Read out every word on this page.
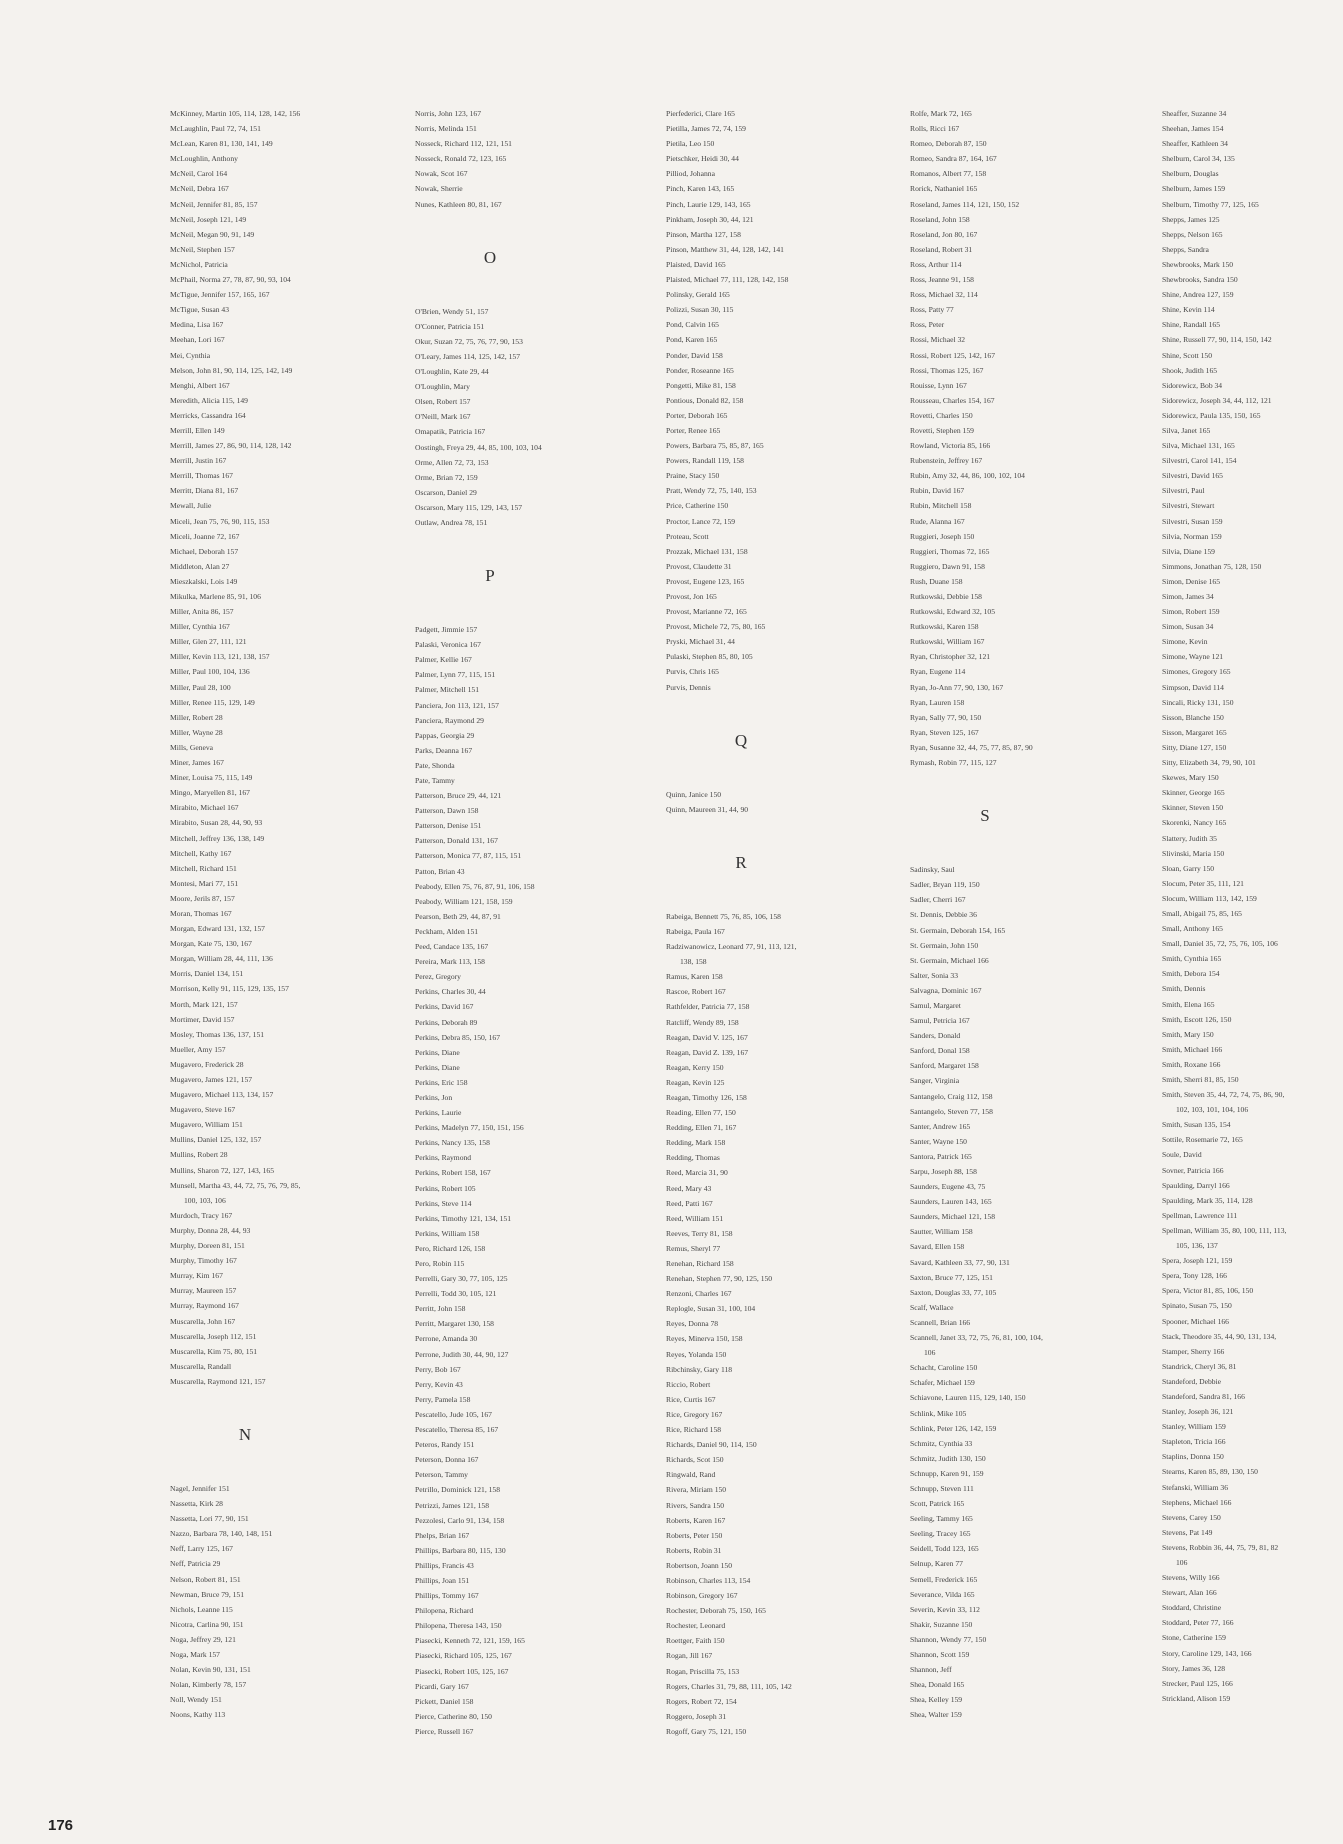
McKinney, Martin 105, 114, 128, 142, 156
McLaughlin, Paul 72, 74, 151
McLean, Karen 81, 130, 141, 149
McLoughlin, Anthony
McNeil, Carol 164
McNeil, Debra 167
McNeil, Jennifer 81, 85, 157
McNeil, Joseph 121, 149
McNeil, Megan 90, 91, 149
McNeil, Stephen 157
McNichol, Patricia
McPhail, Norma 27, 78, 87, 90, 93, 104
McTigue, Jennifer 157, 165, 167
McTigue, Susan 43
Medina, Lisa 167
Meehan, Lori 167
Mei, Cynthia
Melson, John 81, 90, 114, 125, 142, 149
Menghi, Albert 167
Meredith, Alicia 115, 149
Merricks, Cassandra 164
Merrill, Ellen 149
Merrill, James 27, 86, 90, 114, 128, 142
Merrill, Justin 167
Merrill, Thomas 167
Merritt, Diana 81, 167
Mewall, Julie
Miceli, Jean 75, 76, 90, 115, 153
Miceli, Joanne 72, 167
Michael, Deborah 157
Middleton, Alan 27
Mieszkalski, Lois 149
Mikulka, Marlene 85, 91, 106
Miller, Anita 86, 157
Miller, Cynthia 167
Miller, Glen 27, 111, 121
Miller, Kevin 113, 121, 138, 157
Miller, Paul 100, 104, 136
Miller, Paul 28, 100
Miller, Renee 115, 129, 149
Miller, Robert 28
Miller, Wayne 28
Mills, Geneva
Miner, James 167
Miner, Louisa 75, 115, 149
Mingo, Maryellen 81, 167
Mirabito, Michael 167
Mirabito, Susan 28, 44, 90, 93
Mitchell, Jeffrey 136, 138, 149
Mitchell, Kathy 167
Mitchell, Richard 151
Montesi, Mari 77, 151
Moore, Jerils 87, 157
Moran, Thomas 167
Morgan, Edward 131, 132, 157
Morgan, Kate 75, 130, 167
Morgan, William 28, 44, 111, 136
Morris, Daniel 134, 151
Morrison, Kelly 91, 115, 129, 135, 157
Morth, Mark 121, 157
Mortimer, David 157
Mosley, Thomas 136, 137, 151
Mueller, Amy 157
Mugavero, Frederick 28
Mugavero, James 121, 157
Mugavero, Michael 113, 134, 157
Mugavero, Steve 167
Mugavero, William 151
Mullins, Daniel 125, 132, 157
Mullins, Robert 28
Mullins, Sharon 72, 127, 143, 165
Munsell, Martha 43, 44, 72, 75, 76, 79, 85,
100, 103, 106
Murdoch, Tracy 167
Murphy, Donna 28, 44, 93
Murphy, Doreen 81, 151
Murphy, Timothy 167
Murray, Kim 167
Murray, Maureen 157
Murray, Raymond 167
Muscarella, John 167
Muscarella, Joseph 112, 151
Muscarella, Kim 75, 80, 151
Muscarella, Randall
Muscarella, Raymond 121, 157
N
Nagel, Jennifer 151
Nassetta, Kirk 28
Nassetta, Lori 77, 90, 151
Nazzo, Barbara 78, 140, 148, 151
Neff, Larry 125, 167
Neff, Patricia 29
Nelson, Robert 81, 151
Newman, Bruce 79, 151
Nichols, Leanne 115
Nicotra, Carlina 90, 151
Noga, Jeffrey 29, 121
Noga, Mark 157
Nolan, Kevin 90, 131, 151
Nolan, Kimberly 78, 157
Noll, Wendy 151
Noons, Kathy 113
Norris, John 123, 167
Norris, Melinda 151
Nosseck, Richard 112, 121, 151
Nosseck, Ronald 72, 123, 165
Nowak, Scot 167
Nowak, Sherrie
Nunes, Kathleen 80, 81, 167
O
O'Brien, Wendy 51, 157
O'Conner, Patricia 151
Okur, Suzan 72, 75, 76, 77, 90, 153
O'Leary, James 114, 125, 142, 157
O'Loughlin, Kate 29, 44
O'Loughlin, Mary
Olsen, Robert 157
O'Neill, Mark 167
Omapatik, Patricia 167
Oostingh, Freya 29, 44, 85, 100, 103, 104
Orme, Allen 72, 73, 153
Orme, Brian 72, 159
Oscarson, Daniel 29
Oscarson, Mary 115, 129, 143, 157
Outlaw, Andrea 78, 151
P
Padgett, Jimmie 157
Palaski, Veronica 167
Palmer, Kellie 167
Palmer, Lynn 77, 115, 151
Palmer, Mitchell 151
Panciera, Jon 113, 121, 157
Panciera, Raymond 29
Pappas, Georgia 29
Parks, Deanna 167
Pate, Shonda
Pate, Tammy
Patterson, Bruce 29, 44, 121
Patterson, Dawn 158
Patterson, Denise 151
Patterson, Donald 131, 167
Patterson, Monica 77, 87, 115, 151
Patton, Brian 43
Peabody, Ellen 75, 76, 87, 91, 106, 158
Peabody, William 121, 158, 159
Pearson, Beth 29, 44, 87, 91
Peckham, Alden 151
Peed, Candace 135, 167
Pereira, Mark 113, 158
Perez, Gregory
Perkins, Charles 30, 44
Perkins, David 167
Perkins, Deborah 89
Perkins, Debra 85, 150, 167
Perkins, Diane
Perkins, Diane
Perkins, Eric 158
Perkins, Jon
Perkins, Laurie
Perkins, Madelyn 77, 150, 151, 156
Perkins, Nancy 135, 158
Perkins, Raymond
Perkins, Robert 158, 167
Perkins, Robert 105
Perkins, Steve 114
Perkins, Timothy 121, 134, 151
Perkins, William 158
Pero, Richard 126, 158
Pero, Robin 115
Perrelli, Gary 30, 77, 105, 125
Perrelli, Todd 30, 105, 121
Perritt, John 158
Perritt, Margaret 130, 158
Perrone, Amanda 30
Perrone, Judith 30, 44, 90, 127
Perry, Bob 167
Perry, Kevin 43
Perry, Pamela 158
Pescatello, Jude 105, 167
Pescatello, Theresa 85, 167
Peteros, Randy 151
Peterson, Donna 167
Peterson, Tammy
Petrillo, Dominick 121, 158
Petrizzi, James 121, 158
Pezzolesi, Carlo 91, 134, 158
Phelps, Brian 167
Phillips, Barbara 80, 115, 130
Phillips, Francis 43
Phillips, Joan 151
Phillips, Tommy 167
Philopena, Richard
Philopena, Theresa 143, 150
Piasecki, Kenneth 72, 121, 159, 165
Piasecki, Richard 105, 125, 167
Piasecki, Robert 105, 125, 167
Picardi, Gary 167
Pickett, Daniel 158
Pierce, Catherine 80, 150
Pierce, Russell 167
Pierfederici, Clare 165
Pietilla, James 72, 74, 159
Pietila, Leo 150
Pietschker, Heidi 30, 44
Pilliod, Johanna
Pinch, Karen 143, 165
Pinch, Laurie 129, 143, 165
Pinkham, Joseph 30, 44, 121
Pinson, Martha 127, 158
Pinson, Matthew 31, 44, 128, 142, 141
Plaisted, David 165
Plaisted, Michael 77, 111, 128, 142, 158
Polinsky, Gerald 165
Polizzi, Susan 30, 115
Pond, Calvin 165
Pond, Karen 165
Ponder, David 158
Ponder, Roseanne 165
Pongetti, Mike 81, 158
Pontious, Donald 82, 158
Porter, Deborah 165
Porter, Renee 165
Powers, Barbara 75, 85, 87, 165
Powers, Randall 119, 158
Praine, Stacy 150
Pratt, Wendy 72, 75, 140, 153
Price, Catherine 150
Proctor, Lance 72, 159
Proteau, Scott
Prozzak, Michael 131, 158
Provost, Claudette 31
Provost, Eugene 123, 165
Provost, Jon 165
Provost, Marianne 72, 165
Provost, Michele 72, 75, 80, 165
Pryski, Michael 31, 44
Pulaski, Stephen 85, 80, 105
Purvis, Chris 165
Purvis, Dennis
Q
Quinn, Janice 150
Quinn, Maureen 31, 44, 90
R
Rabeiga, Bennett 75, 76, 85, 106, 158
Rabeiga, Paula 167
Radziwanowicz, Leonard 77, 91, 113, 121,
138, 158
Ramus, Karen 158
Rascoe, Robert 167
Rathfelder, Patricia 77, 158
Ratcliff, Wendy 89, 158
Reagan, David V. 125, 167
Reagan, David Z. 139, 167
Reagan, Kerry 150
Reagan, Kevin 125
Reagan, Timothy 126, 158
Reading, Ellen 77, 150
Redding, Ellen 71, 167
Redding, Mark 158
Redding, Thomas
Reed, Marcia 31, 90
Reed, Mary 43
Reed, Patti 167
Reed, William 151
Reeves, Terry 81, 158
Remus, Sheryl 77
Renehan, Richard 158
Renehan, Stephen 77, 90, 125, 150
Renzoni, Charles 167
Replogle, Susan 31, 100, 104
Reyes, Donna 78
Reyes, Minerva 150, 158
Reyes, Yolanda 150
Ribchinsky, Gary 118
Riccio, Robert
Rice, Curtis 167
Rice, Gregory 167
Rice, Richard 158
Richards, Daniel 90, 114, 150
Richards, Scot 150
Ringwald, Rand
Rivera, Miriam 150
Rivers, Sandra 150
Roberts, Karen 167
Roberts, Peter 150
Roberts, Robin 31
Robertson, Joann 150
Robinson, Charles 113, 154
Robinson, Gregory 167
Rochester, Deborah 75, 150, 165
Rochester, Leonard
Roettger, Faith 150
Rogan, Jill 167
Rogan, Priscilla 75, 153
Rogers, Charles 31, 79, 88, 111, 105, 142
Rogers, Robert 72, 154
Roggero, Joseph 31
Rogoff, Gary 75, 121, 150
Rolfe, Mark 72, 165
Rolls, Ricci 167
Romeo, Deborah 87, 150
Romeo, Sandra 87, 164, 167
Romanos, Albert 77, 158
Rorick, Nathaniel 165
Roseland, James 114, 121, 150, 152
Roseland, John 158
Roseland, Jon 80, 167
Roseland, Robert 31
Ross, Arthur 114
Ross, Jeanne 91, 158
Ross, Michael 32, 114
Ross, Patty 77
Ross, Peter
Rossi, Michael 32
Rossi, Robert 125, 142, 167
Rossi, Thomas 125, 167
Rouisse, Lynn 167
Rousseau, Charles 154, 167
Rovetti, Charles 150
Rovetti, Stephen 159
Rowland, Victoria 85, 166
Rubenstein, Jeffrey 167
Rubin, Amy 32, 44, 86, 100, 102, 104
Rubin, David 167
Rubin, Mitchell 158
Rude, Alanna 167
Ruggieri, Joseph 150
Ruggieri, Thomas 72, 165
Ruggiero, Dawn 91, 158
Rush, Duane 158
Rutkowski, Debbie 158
Rutkowski, Edward 32, 105
Rutkowski, Karen 158
Rutkowski, William 167
Ryan, Christopher 32, 121
Ryan, Eugene 114
Ryan, Jo-Ann 77, 90, 130, 167
Ryan, Lauren 158
Ryan, Sally 77, 90, 150
Ryan, Steven 125, 167
Ryan, Susanne 32, 44, 75, 77, 85, 87, 90
Rymash, Robin 77, 115, 127
S
Sadinsky, Saul
Sadler, Bryan 119, 150
Sadler, Cherri 167
St. Dennis, Debbie 36
St. Germain, Deborah 154, 165
St. Germain, John 150
St. Germain, Michael 166
Salter, Sonia 33
Salvagna, Dominic 167
Samul, Margaret
Samul, Petricia 167
Sanders, Donald
Sanford, Donal 158
Sanford, Margaret 158
Sanger, Virginia
Santangelo, Craig 112, 158
Santangelo, Steven 77, 158
Santer, Andrew 165
Santer, Wayne 150
Santora, Patrick 165
Sarpu, Joseph 88, 158
Saunders, Eugene 43, 75
Saunders, Lauren 143, 165
Saunders, Michael 121, 158
Sautter, William 158
Savard, Ellen 158
Savard, Kathleen 33, 77, 90, 131
Saxton, Bruce 77, 125, 151
Saxton, Douglas 33, 77, 105
Scalf, Wallace
Scannell, Brian 166
Scannell, Janet 33, 72, 75, 76, 81, 100, 104,
106
Schacht, Caroline 150
Schafer, Michael 159
Schiavone, Lauren 115, 129, 140, 150
Schlink, Mike 105
Schlink, Peter 126, 142, 159
Schmitz, Cynthia 33
Schmitz, Judith 130, 150
Schnupp, Karen 91, 159
Schnupp, Steven 111
Scott, Patrick 165
Seeling, Tammy 165
Seeling, Tracey 165
Seidell, Todd 123, 165
Selnup, Karen 77
Semell, Frederick 165
Severance, Vilda 165
Severin, Kevin 33, 112
Shakir, Suzanne 150
Shannon, Wendy 77, 150
Shannon, Scott 159
Shannon, Jeff
Shea, Donald 165
Shea, Kelley 159
Shea, Walter 159
Sheaffer, Suzanne 34
Sheehan, James 154
Sheaffer, Kathleen 34
Shelburn, Carol 34, 135
Shelburn, Douglas
Shelburn, James 159
Shelburn, Timothy 77, 125, 165
Shepps, James 125
Shepps, Nelson 165
Shepps, Sandra
Shewbrooks, Mark 150
Shewbrooks, Sandra 150
Shine, Andrea 127, 159
Shine, Kevin 114
Shine, Randall 165
Shine, Russell 77, 90, 114, 150, 142
Shine, Scott 150
Shook, Judith 165
Sidorewicz, Bob 34
Sidorewicz, Joseph 34, 44, 112, 121
Sidorewicz, Paula 135, 150, 165
Silva, Janet 165
Silva, Michael 131, 165
Silvestri, Carol 141, 154
Silvestri, David 165
Silvestri, Paul
Silvestri, Stewart
Silvestri, Susan 159
Silvia, Norman 159
Silvia, Diane 159
Simmons, Jonathan 75, 128, 150
Simon, Denise 165
Simon, James 34
Simon, Robert 159
Simon, Susan 34
Simone, Kevin
Simone, Wayne 121
Simones, Gregory 165
Simpson, David 114
Sincali, Ricky 131, 150
Sisson, Blanche 150
Sisson, Margaret 165
Sitty, Diane 127, 150
Sitty, Elizabeth 34, 79, 90, 101
Skewes, Mary 150
Skinner, George 165
Skinner, Steven 150
Skorenki, Nancy 165
Slattery, Judith 35
Slivinski, Maria 150
Sloan, Garry 150
Slocum, Peter 35, 111, 121
Slocum, William 113, 142, 159
Small, Abigail 75, 85, 165
Small, Anthony 165
Small, Daniel 35, 72, 75, 76, 105, 106
Smith, Cynthia 165
Smith, Debora 154
Smith, Dennis
Smith, Elena 165
Smith, Escott 126, 150
Smith, Mary 150
Smith, Michael 166
Smith, Roxane 166
Smith, Sherri 81, 85, 150
Smith, Steven 35, 44, 72, 74, 75, 86, 90,
102, 103, 101, 104, 106
Smith, Susan 135, 154
Sottile, Rosemarie 72, 165
Soule, David
Sovner, Patricia 166
Spaulding, Darryl 166
Spaulding, Mark 35, 114, 128
Spellman, Lawrence 111
Spellman, William 35, 80, 100, 111, 113,
105, 136, 137
Spera, Joseph 121, 159
Spera, Tony 128, 166
Spera, Victor 81, 85, 106, 150
Spinato, Susan 75, 150
Spooner, Michael 166
Stack, Theodore 35, 44, 90, 131, 134,
Stamper, Sherry 166
Standrick, Cheryl 36, 81
Standeford, Debbie
Standeford, Sandra 81, 166
Stanley, Joseph 36, 121
Stanley, William 159
Stapleton, Tricia 166
Staplins, Donna 150
Stearns, Karen 85, 89, 130, 150
Stefanski, William 36
Stephens, Michael 166
Stevens, Carey 150
Stevens, Pat 149
Stevens, Robbin 36, 44, 75, 79, 81, 82
106
Stevens, Willy 166
Stewart, Alan 166
Stoddard, Christine
Stoddard, Peter 77, 166
Stone, Catherine 159
Story, Caroline 129, 143, 166
Story, James 36, 128
Strecker, Paul 125, 166
Strickland, Alison 159
176
